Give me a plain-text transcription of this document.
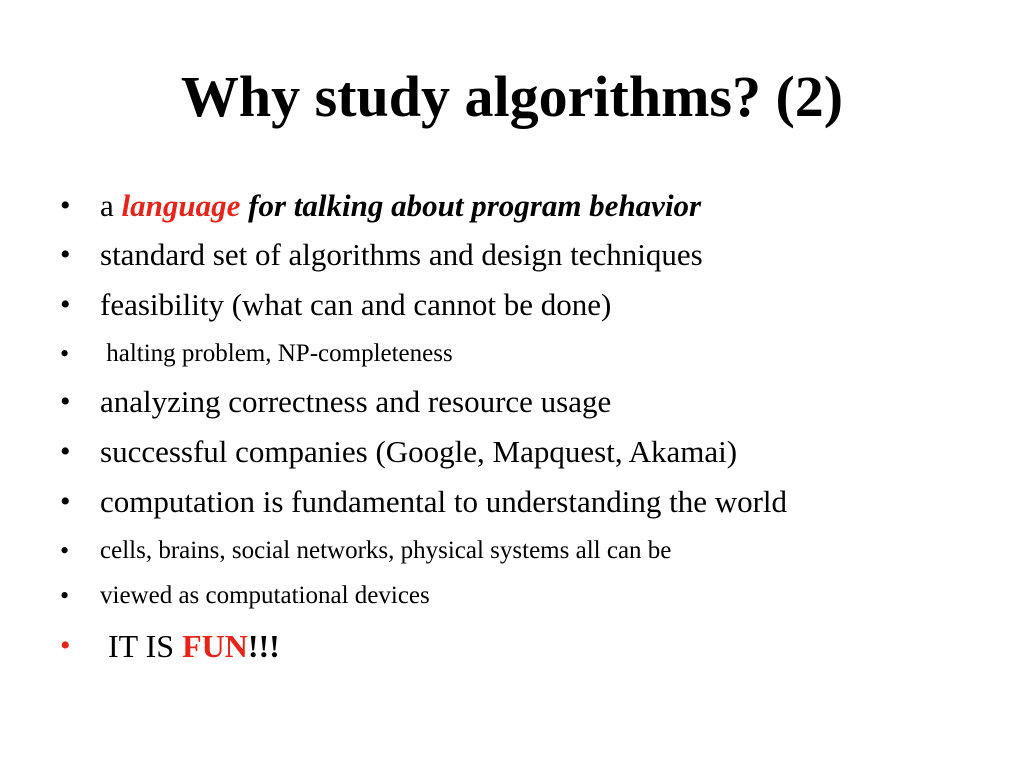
Why study algorithms? (2)
• a language for talking about program behavior
• standard set of algorithms and design techniques
• feasibility (what can and cannot be done)
• halting problem, NP-completeness
• analyzing correctness and resource usage
• successful companies (Google, Mapquest, Akamai)
• computation is fundamental to understanding the world
• cells, brains, social networks, physical systems all can be
• viewed as computational devices
• IT IS FUN!!!
